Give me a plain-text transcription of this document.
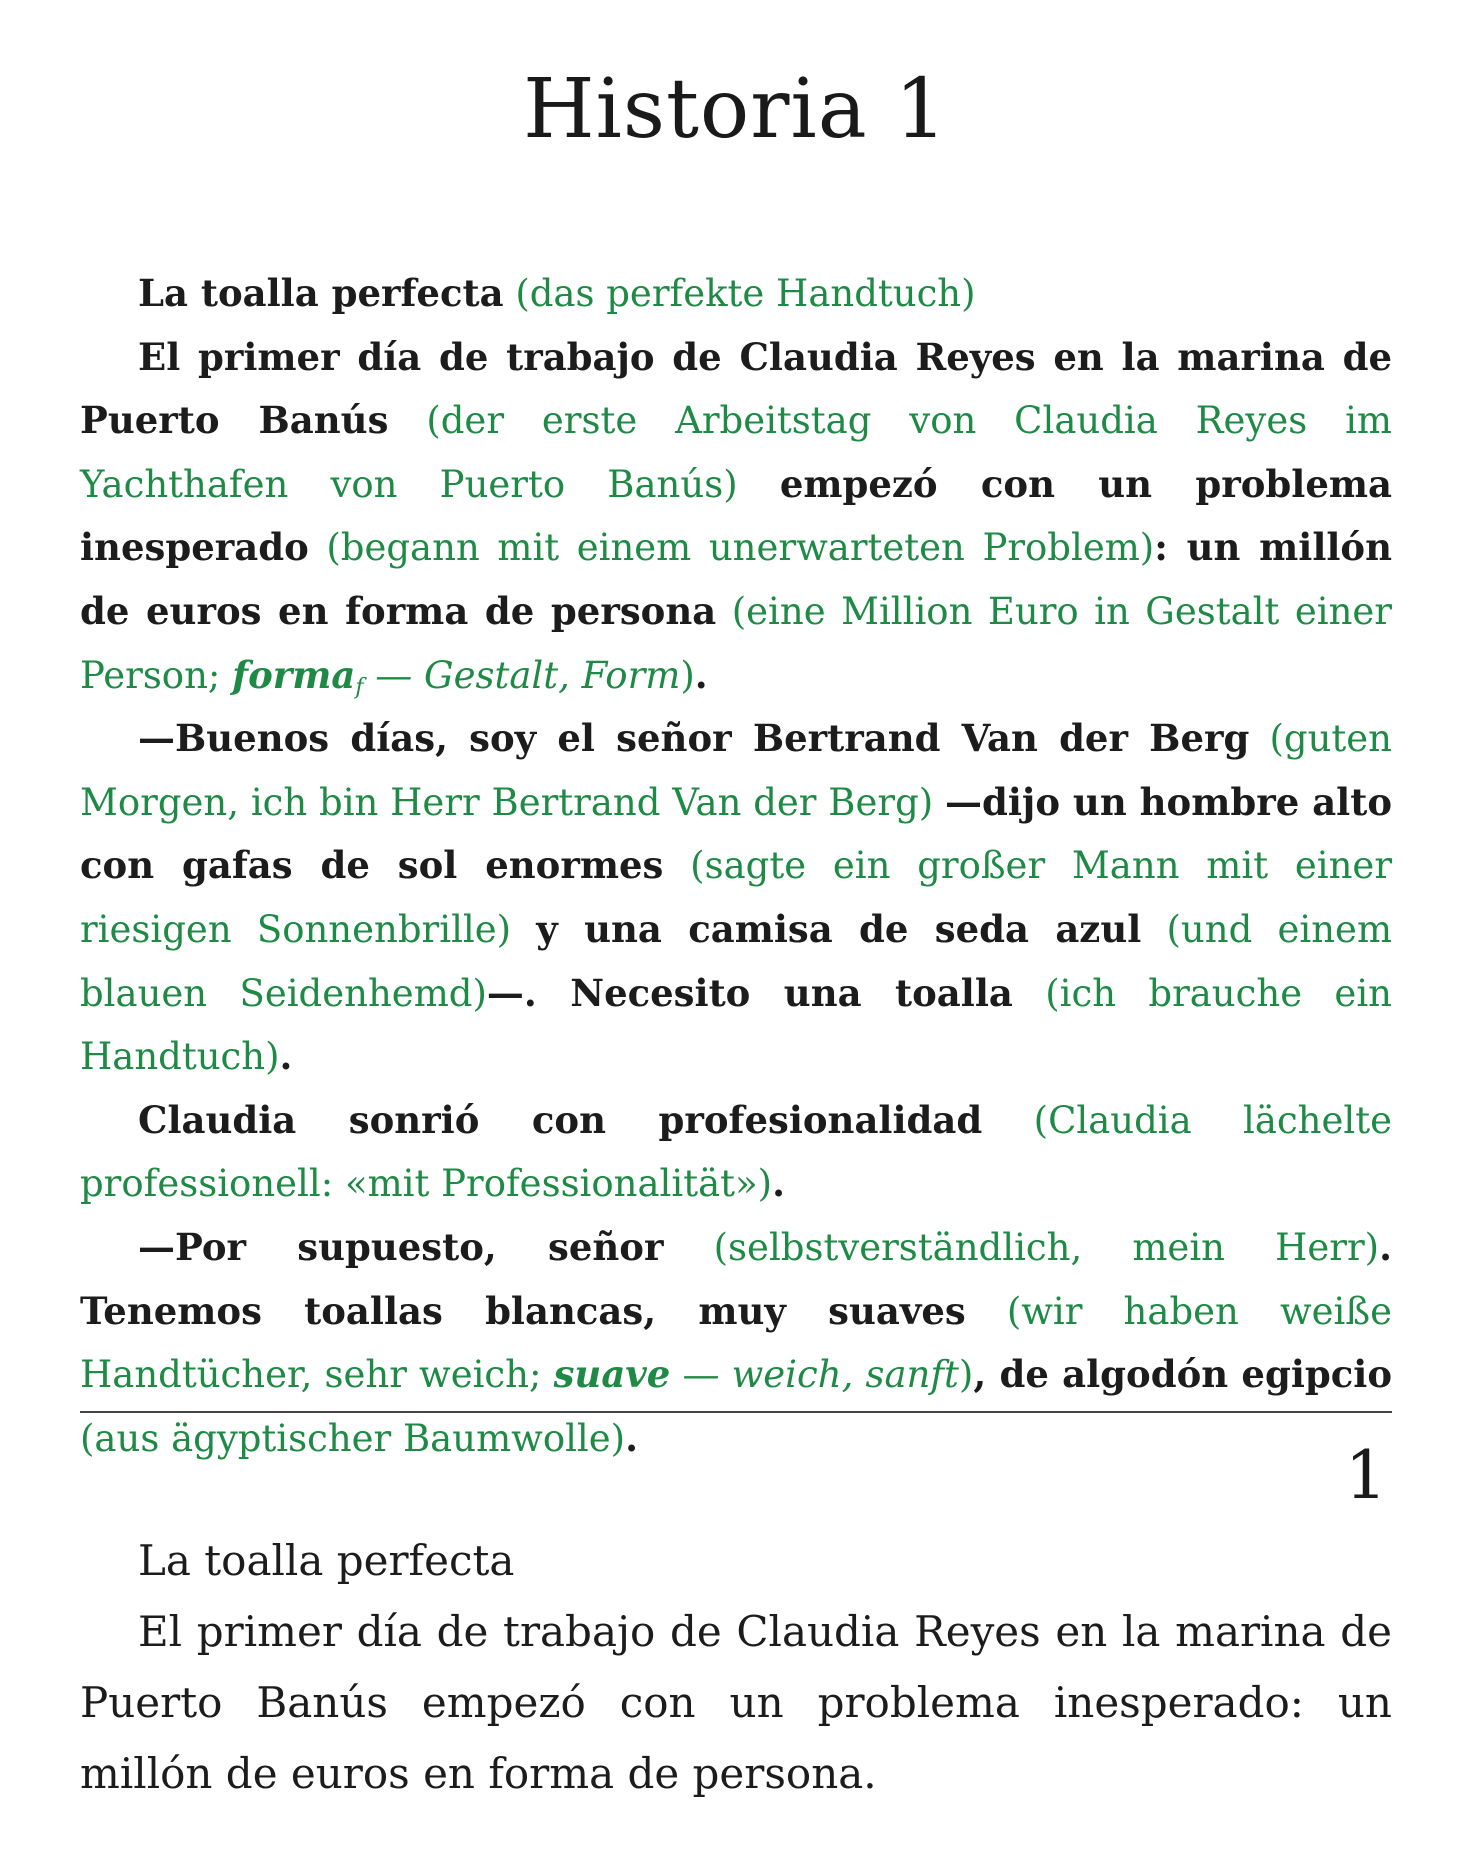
Historia 1

La toalla perfecta (das perfekte Handtuch)

El primer día de trabajo de Claudia Reyes en la marina de Puerto Banús (der erste Arbeitstag von Claudia Reyes im Yachthafen von Puerto Banús) empezó con un problema inesperado (begann mit einem unerwarteten Problem): un millón de euros en forma de persona (eine Million Euro in Gestalt einer Person; forma$_f$ — Gestalt, Form).

—Buenos días, soy el señor Bertrand Van der Berg (guten Morgen, ich bin Herr Bertrand Van der Berg) —dijo un hombre alto con gafas de sol enormes (sagte ein großer Mann mit einer riesigen Sonnenbrille) y una camisa de seda azul (und einem blauen Seidenhemd)—. Necesito una toalla (ich brauche ein Handtuch).

Claudia sonrió con profesionalidad (Claudia lächelte professionell: «mit Professionalität»).

—Por supuesto, señor (selbstverständlich, mein Herr). Tenemos toallas blancas, muy suaves (wir haben weiße Handtücher, sehr weich; suave — weich, sanft), de algodón egipcio (aus ägyptischer Baumwolle).	1

La toalla perfecta

El primer día de trabajo de Claudia Reyes en la marina de Puerto Banús empezó con un problema inesperado: un millón de euros en forma de persona.
